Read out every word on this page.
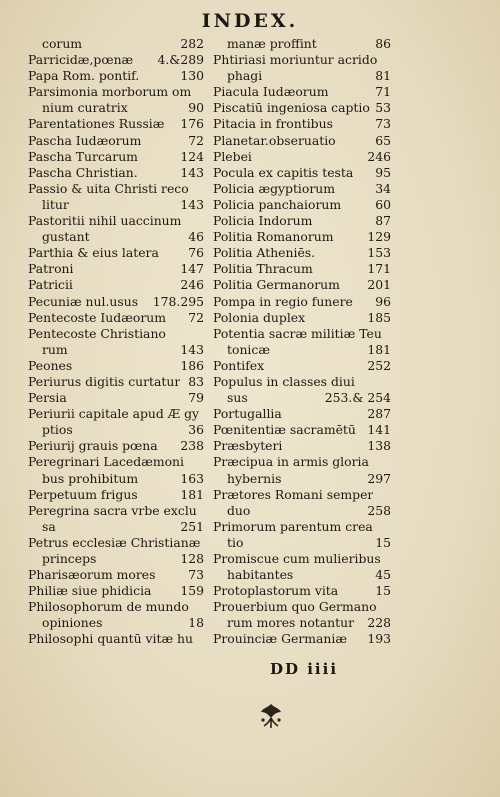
INDEX.
corum	282
Parricidæ,pœnæ	4.&289
Papa Rom. pontif.	130
Parsimonia morborum om
nium curatrix	90
Parentationes Russiæ	176
Pascha Iudæorum	72
Pascha Turcarum	124
Pascha Christian.	143
Passio & uita Christi reco
litur	143
Pastoritii nihil uaccinum
gustant	46
Parthia & eius latera	76
Patroni	147
Patricii	246
Pecuniæ nul.usus	178.295
Pentecoste Iudæorum	72
Pentecoste Christiano
rum	143
Peones	186
Periurus digitis curtatur 83
Persia	79
Periurii capitale apud Æ gy
ptios	36
Periurij grauis pœna	238
Peregrinari Lacedæmoni
bus prohibitum	163
Perpetuum frigus	181
Peregrina sacra vrbe exclu
sa	251
Petrus ecclesiæ Christianæ
princeps	128
Pharisæorum mores	73
Philiæ siue phidicia	159
Philosophorum de mundo
opiniones	18
Philosophi quantū vitæ hu
manæ proffint	86
Phtiriasi moriuntur acrido
phagi	81
Piacula Iudæorum	71
Piscatiū ingeniosa captio 53
Pitacia in frontibus	73
Planetar.obseruatio	65
Plebei	246
Pocula ex capitis testa	95
Policia ægyptiorum	34
Policia panchaiorum	60
Policia Indorum	87
Politia Romanorum	129
Politia Atheniēs.	153
Politia Thracum	171
Politia Germanorum	201
Pompa in regio funere	96
Polonia duplex	185
Potentia sacræ militiæ Teu
tonicæ	181
Pontifex	252
Populus in classes diui
sus	253.& 254
Portugallia	287
Pœnitentiæ sacramētū 141
Præsbyteri	138
Præcipua in armis gloria
hybernis	297
Prætores Romani semper
duo	258
Primorum parentum crea
tio	15
Promiscue cum mulieribus
habitantes	45
Protoplastorum vita	15
Prouerbium quo Germano
rum mores notantur	228
Prouinciæ Germaniæ	193
DD iiii
